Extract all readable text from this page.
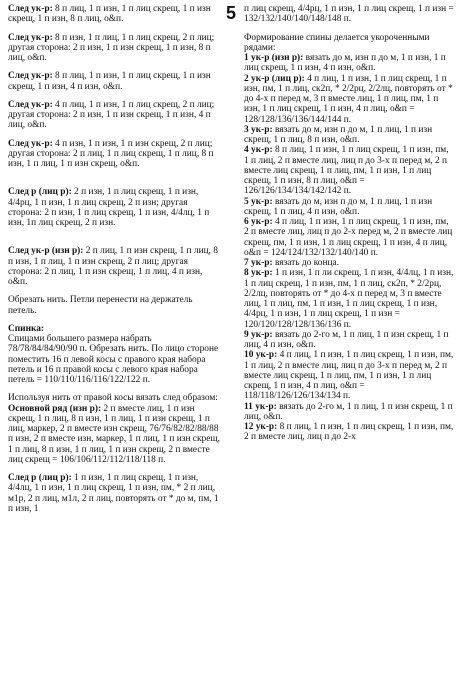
5

След ук-р: 8 п лиц, 1 п изн, 1 п лиц скрещ, 1 п изн скрещ, 1 п изн, 8 п лиц, о&п.

След ук-р: 8 п изн, 1 п лиц, 1 п лиц скрещ, 2 п лиц; другая сторона: 2 п изн, 1 п изн скрещ, 1 п изн, 8 п лиц, о&п.

След ук-р: 8 п лиц, 1 п изн, 1 п лиц скрещ, 1 п изн скрещ, 1 п изн, 4 п изн, о&п.

След ук-р: 4 п лиц, 1 п изн, 1 п лиц скрещ, 2 п лиц; другая сторона: 2 п изн, 1 п изн скрещ, 1 п изн, 4 п лиц, о&п.

След ук-р: 4 п изн, 1 п изн, 1 п изн скрещ, 2 п лиц; другая сторона: 2 п лиц, 1 п лиц скрещ, 1 п лиц, 8 п изн, 1 п лиц, 1 п изн скрещ, о&п.

След р (лиц р): 2 п изн, 1 п лиц скрещ, 1 п изн, 4/4рц, 1 п изн, 1 п лиц скрещ, 2 п изн; другая сторона: 2 п изн, 1 п лиц скрещ, 1 п изн, 4/4лц, 1 п изн, 1п лиц скрещ, 2 п изн.

След ук-р (изн р): 2 п лиц, 1 п изн скрещ, 1 п лиц, 8 п изн, 1 п лиц, 1 п изн скрещ, 2 п лиц; другая сторона: 2 п лиц, 1 п изн скрещ, 1 п лиц, 4 п изн, о&п.

Обрезать нить. Петли перенести на держатель петель.

Спинка:

Спицами большего размера набрать 78/78/84/84/90/90 п. Обрезать нить. По лицо стороне поместить 16 п левой косы с правого края набора петель и 16 п правой косы с левого края набора петель = 110/110/116/116/122/122 п.

Используя нить от правой косы вязать след образом:

Основной ряд (изн р): 2 п вместе лиц, 1 п изн скрещ, 1 п лиц, 8 п изн, 1 п лиц, 1 п изн скрещ, 1 п лиц, маркер, 2 п вместе изн скрещ, 76/76/82/82/88/88 п изн, 2 п вместе изн, маркер, 1 п лиц, 1 п изн скрещ, 1 п лиц, 8 п изн, 1 п лиц, 1 п изн скрещ, 2 п вместе лиц скрещ = 106/106/112/112/118/118 п.

След р (лиц р): 1 п изн, 1 п лиц скрещ, 1 п изн, 4/4лц, 1 п изн, 1 п лиц скрещ, 1 п изн, пм, * 2 п лиц, м1р, 2 п лиц, м1л, 2 п лиц, повторять от * до м, пм, 1 п изн, 1

п лиц скрещ, 4/4рц, 1 п изн, 1 п лиц скрещ, 1 п изн = 132/132/140/140/148/148 п.

Формирование спины делается укороченными рядами:

1 ук-р (изн р): вязать до м, изн п до м, 1 п изн, 1 п лиц скрещ, 1 п изн, 4 п изн, о&п.

2 ук-р (лиц р): 4 п лиц, 1 п изн, 1 п лиц скрещ, 1 п изн, пм, 1 п лиц, ск2п, * 2/2рц, 2/2лц, повторять от * до 4-х п перед м, 3 п вместе лиц, 1 п лиц, пм, 1 п изн, 1 п лиц скрещ, 1 п изн, 4 п лиц, о&п = 128/128/136/136/144/144 п.

3 ук-р: вязать до м, изн п до м, 1 п лиц, 1 п изн скрещ, 1 п лиц, 8 п изн, о&п.

4 ук-р: 8 п лиц, 1 п изн, 1 п лиц скрещ, 1 п изн, пм, 1 п лиц, 2 п вместе лиц, лиц п до 3-х п перед м, 2 п вместе лиц скрещ, 1 п лиц, пм, 1 п изн, 1 п лиц скрещ, 1 п изн, 8 п лиц, о&п = 126/126/134/134/142/142 п.

5 ук-р: вязать до м, изн п до м, 1 п лиц, 1 п изн скрещ, 1 п лиц, 4 п изн, о&п.

6 ук-р: 4 п лиц, 1 п изн, 1 п лиц скрещ, 1 п изн, пм, 2 п вместе лиц, лиц п до 2-х перед м, 2 п вместе лиц скрещ, пм, 1 п изн, 1 п лиц скрещ, 1 п изн, 4 п лиц, о&п = 124/124/132/132/140/140 п.

7 ук-р: вязать до конца.

8 ук-р: 1 п изн, 1 п ли скрещ, 1 п изн, 4/4лц, 1 п изн, 1 п лиц скрещ, 1 п изн, пм, 1 п лиц, ск2п, * 2/2рц, 2/2лц, повторять от * до 4-х п перед м, 3 п вместе лиц, 1 п лиц, пм, 1 п изн, 1 п лиц скрещ, 1 п изн, 4/4рц, 1 п изн, 1 п лиц скрещ, 1 п изн = 120/120/128/128/136/136 п.

9 ук-р: вязать до 2-го м, 1 п лиц, 1 п изн скрещ, 1 п лиц, 4 п изн, о&п.

10 ук-р: 4 п лиц, 1 п изн, 1 п лиц скрещ, 1 п изн, пм, 1 п лиц, 2 п вместе лиц, лиц п до 3-х п перед м, 2 п вместе лиц скрещ, 1 п лиц, пм, 1 п изн, 1 п лиц скрещ, 1 п изн, 4 п лиц, о&п = 118/118/126/126/134/134 п.

11 ук-р: вязать до 2-го м, 1 п лиц, 1 п изн скрещ, 1 п лиц, о&п.

12 ук-р: 8 п лиц, 1 п изн, 1 п лиц скрещ, 1 п изн, пм, 2 п вместе лиц, лиц п до 2-х
